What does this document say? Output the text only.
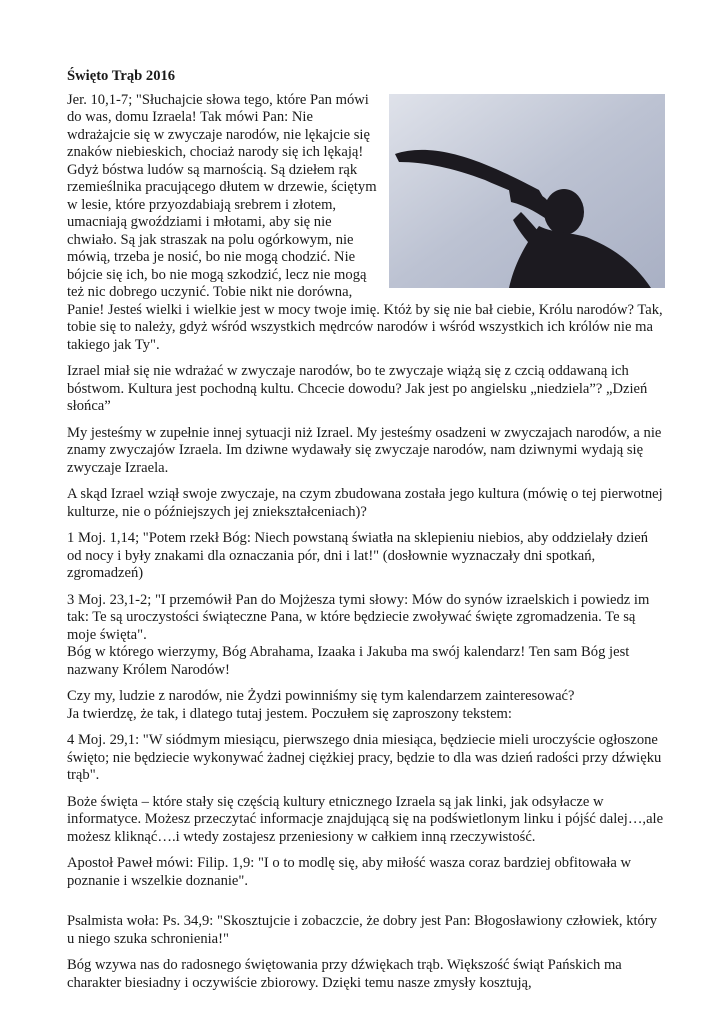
Święto Trąb 2016

Jer. 10,1-7; "Słuchajcie słowa tego, które Pan mówi do was, domu Izraela! Tak mówi Pan: Nie wdrażajcie się w zwyczaje narodów, nie lękajcie się znaków niebieskich, chociaż narody się ich lękają! Gdyż bóstwa ludów są marnością. Są dziełem rąk rzemieślnika pracującego dłutem w drzewie, ściętym w lesie, które przyozdabiają srebrem i złotem, umacniają gwoździami i młotami, aby się nie chwiało. Są jak straszak na polu ogórkowym, nie mówią, trzeba je nosić, bo nie mogą chodzić. Nie bójcie się ich, bo nie mogą szkodzić, lecz nie mogą też nic dobrego uczynić. Tobie nikt nie dorówna, Panie! Jesteś wielki i wielkie jest w mocy twoje imię. Któż by się nie bał ciebie, Królu narodów? Tak, tobie się to należy, gdyż wśród wszystkich mędrców narodów i wśród wszystkich ich królów nie ma takiego jak Ty".

Izrael miał się nie wdrażać w zwyczaje narodów, bo te zwyczaje wiążą się z czcią oddawaną ich bóstwom. Kultura jest pochodną kultu. Chcecie dowodu? Jak jest po angielsku „niedziela”? „Dzień słońca”

My jesteśmy w zupełnie innej sytuacji niż Izrael. My jesteśmy osadzeni w zwyczajach narodów, a nie znamy zwyczajów Izraela. Im dziwne wydawały się zwyczaje narodów, nam dziwnymi wydają się zwyczaje Izraela.

A skąd Izrael wziął swoje zwyczaje, na czym zbudowana została jego kultura (mówię o tej pierwotnej kulturze, nie o późniejszych jej zniekształceniach)?

1 Moj. 1,14; "Potem rzekł Bóg: Niech powstaną światła na sklepieniu niebios, aby oddzielały dzień od nocy i były znakami dla oznaczania pór, dni i lat!" (dosłownie wyznaczały dni spotkań, zgromadzeń)

3 Moj. 23,1-2; "I przemówił Pan do Mojżesza tymi słowy: Mów do synów izraelskich i powiedz im tak: Te są uroczystości świąteczne Pana, w które będziecie zwoływać święte zgromadzenia. Te są moje święta".

Bóg w którego wierzymy, Bóg Abrahama, Izaaka i Jakuba ma swój kalendarz! Ten sam Bóg jest nazwany Królem Narodów!

Czy my, ludzie z narodów, nie Żydzi powinniśmy się tym kalendarzem zainteresować?

Ja twierdzę, że tak, i dlatego tutaj jestem. Poczułem się zaproszony tekstem:

4 Moj. 29,1: "W siódmym miesiącu, pierwszego dnia miesiąca, będziecie mieli uroczyście ogłoszone święto; nie będziecie wykonywać żadnej ciężkiej pracy, będzie to dla was dzień radości przy dźwięku trąb".

Boże święta – które stały się częścią kultury etnicznego Izraela są jak linki, jak odsyłacze w informatyce. Możesz przeczytać informacje znajdującą się na podświetlonym linku i pójść dalej…,ale możesz kliknąć….i wtedy zostajesz przeniesiony w całkiem inną rzeczywistość.

Apostoł Paweł mówi: Filip. 1,9: "I o to modlę się, aby miłość wasza coraz bardziej obfitowała w poznanie i wszelkie doznanie".

Psalmista woła: Ps. 34,9: "Skosztujcie i zobaczcie, że dobry jest Pan: Błogosławiony człowiek, który u niego szuka schronienia!"

Bóg wzywa nas do radosnego świętowania przy dźwiękach trąb. Większość świąt Pańskich ma charakter biesiadny i oczywiście zbiorowy. Dzięki temu nasze zmysły kosztują,
